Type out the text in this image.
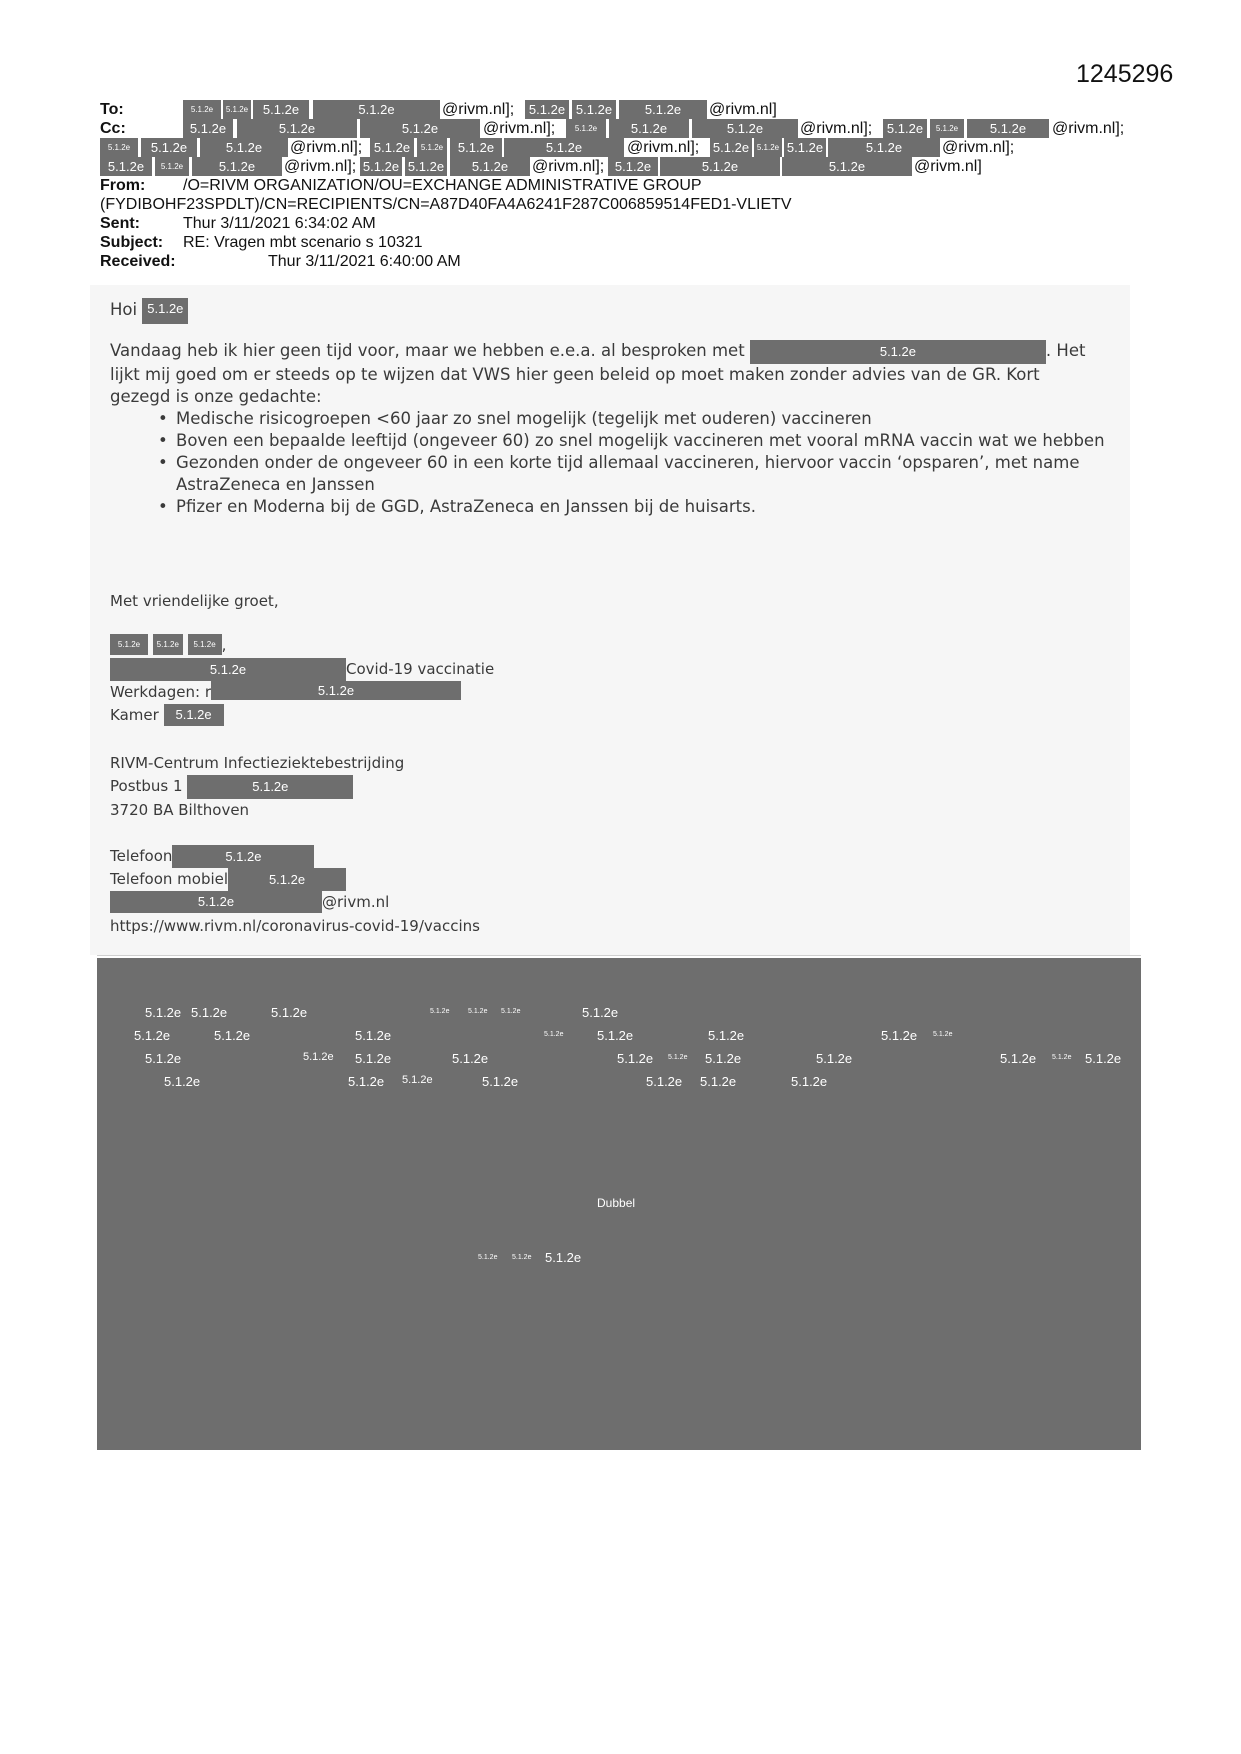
1245296
To:	5.1.2e	5.1.2e	5.1.2e	5.1.2e	@rivm.nl];	5.1.2e 5.1.2e	5.1.2e	@rivm.nl]
Cc:	5.1.2e	5.1.2e	5.1.2e	@rivm.nl];	5.1.2e	5.1.2e	5.1.2e	@rivm.nl];	5.1.2e	5.1.2e	5.1.2e	@rivm.nl];
5.1.2e	5.1.2e	5.1.2e	@rivm.nl]; 5.1.2e	5.1.2e	5.1.2e	5.1.2e	@rivm.nl]; 5.1.2e 5.1.2e 5.1.2e	5.1.2e	@rivm.nl];
5.1.2e	5.1.2e	5.1.2e	@rivm.nl]; 5.1.2e 5.1.2e	5.1.2e	@rivm.nl]; 5.1.2e	5.1.2e	5.1.2e	@rivm.nl]
From: /O=RIVM ORGANIZATION/OU=EXCHANGE ADMINISTRATIVE GROUP
(FYDIBOHF23SPDLT)/CN=RECIPIENTS/CN=A87D40FA4A6241F287C006859514FED1-VLIETV
Sent:	Thur 3/11/2021 6:34:02 AM
Subject: RE: Vragen mbt scenario s 10321
Received:	Thur 3/11/2021 6:40:00 AM
Hoi 5.1.2e
Vandaag heb ik hier geen tijd voor, maar we hebben e.e.a. al besproken met	5.1.2e	. Het
lijkt mij goed om er steeds op te wijzen dat VWS hier geen beleid op moet maken zonder advies van de GR. Kort
gezegd is onze gedachte:
• Medische risicogroepen <60 jaar zo snel mogelijk (tegelijk met ouderen) vaccineren
• Boven een bepaalde leeftijd (ongeveer 60) zo snel mogelijk vaccineren met vooral mRNA vaccin wat we hebben
• Gezonden onder de ongeveer 60 in een korte tijd allemaal vaccineren, hiervoor vaccin ‘opsparen’, met name AstraZeneca en Janssen
• Pfizer en Moderna bij de GGD, AstraZeneca en Janssen bij de huisarts.
Met vriendelijke groet,
5.1.2e 5.1.2e 5.1.2e ,
5.1.2e	Covid-19 vaccinatie
Werkdagen: r	5.1.2e
Kamer 5.1.2e
RIVM-Centrum Infectieziektebestrijding
Postbus 1	5.1.2e
3720 BA Bilthoven
Telefoon	5.1.2e
Telefoon mobiel	5.1.2e
5.1.2e	@rivm.nl
https://www.rivm.nl/coronavirus-covid-19/vaccins
5.1.2e 5.1.2e	5.1.2e	5.1.2e	5.1.2e 5.1.2e	5.1.2e
5.1.2e	5.1.2e	5.1.2e	5.1.2e	5.1.2e	5.1.2e	5.1.2e 5.1.2e
5.1.2e	5.1.2e 5.1.2e	5.1.2e	5.1.2e 5.1.2e 5.1.2e	5.1.2e	5.1.2e 5.1.2e 5.1.2e
5.1.2e	5.1.2e 5.1.2e	5.1.2e	5.1.2e 5.1.2e	5.1.2e
Dubbel
5.1.2e 5.1.2e 5.1.2e
